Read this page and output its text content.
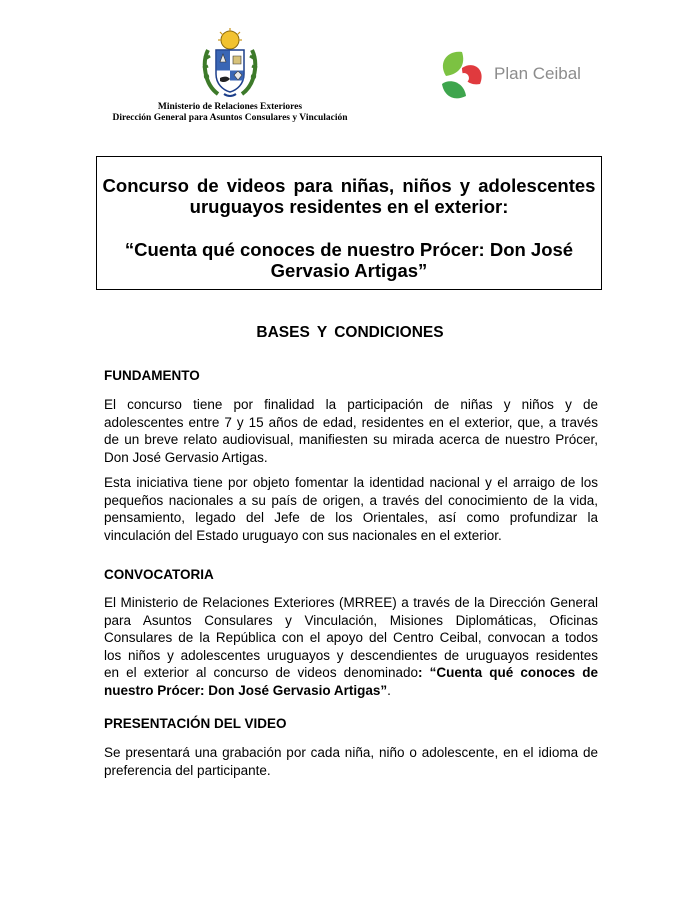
Ministerio de Relaciones Exteriores
Dirección General para Asuntos Consulares y Vinculación
Plan Ceibal
Concurso de videos para niñas, niños y adolescentes
uruguayos residentes en el exterior:
“Cuenta qué conoces de nuestro Prócer: Don José
Gervasio Artigas”
BASES Y CONDICIONES
FUNDAMENTO
El concurso tiene por finalidad la participación de niñas y niños y de
adolescentes entre 7 y 15 años de edad, residentes en el exterior, que, a través
de un breve relato audiovisual, manifiesten su mirada acerca de nuestro Prócer,
Don José Gervasio Artigas.
Esta iniciativa tiene por objeto fomentar la identidad nacional y el arraigo de los
pequeños nacionales a su país de origen, a través del conocimiento de la vida,
pensamiento, legado del Jefe de los Orientales, así como profundizar la
vinculación del Estado uruguayo con sus nacionales en el exterior.
CONVOCATORIA
El Ministerio de Relaciones Exteriores (MRREE) a través de la Dirección General
para Asuntos Consulares y Vinculación, Misiones Diplomáticas, Oficinas
Consulares de la República con el apoyo del Centro Ceibal, convocan a todos
los niños y adolescentes uruguayos y descendientes de uruguayos residentes
en el exterior al concurso de videos denominado: “Cuenta qué conoces de
nuestro Prócer: Don José Gervasio Artigas”.
PRESENTACIÓN DEL VIDEO
Se presentará una grabación por cada niña, niño o adolescente, en el idioma de
preferencia del participante.
